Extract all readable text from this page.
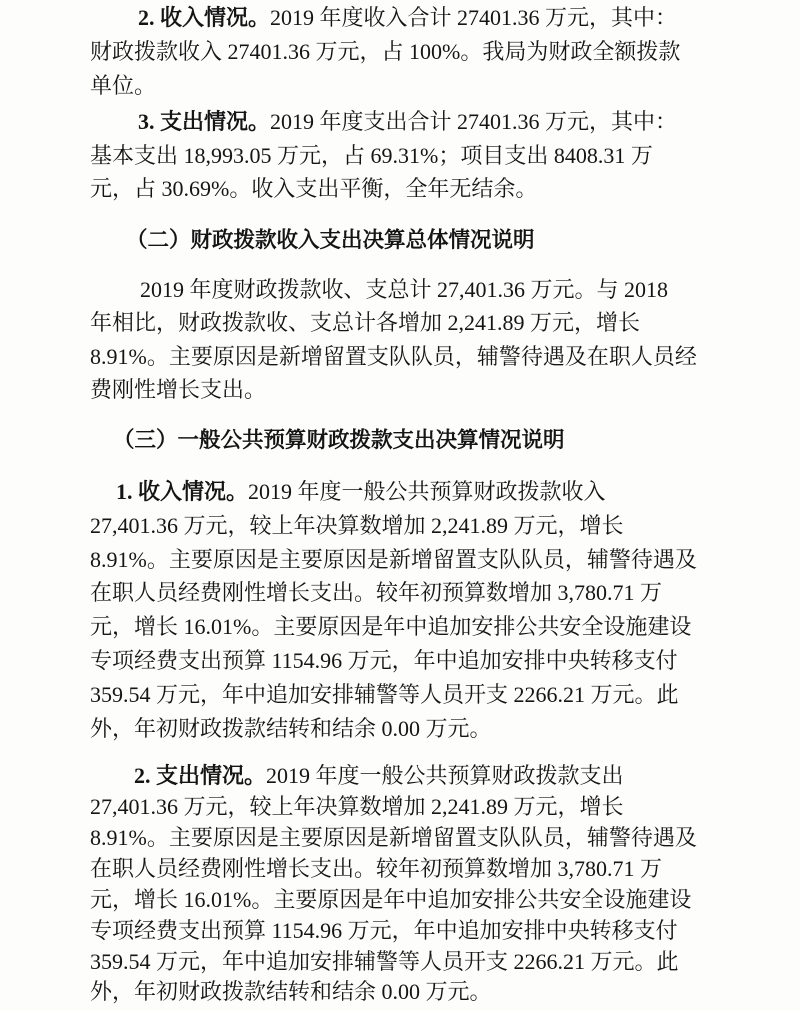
2. 收入情况。2019 年度收入合计 27401.36 万元，其中：
财政拨款收入 27401.36 万元，占 100%。我局为财政全额拨款
单位。
3. 支出情况。2019 年度支出合计 27401.36 万元，其中：
基本支出 18,993.05 万元，占 69.31%；项目支出 8408.31 万
元，占 30.69%。收入支出平衡，全年无结余。
（二）财政拨款收入支出决算总体情况说明
2019 年度财政拨款收、支总计 27,401.36 万元。与 2018
年相比，财政拨款收、支总计各增加 2,241.89 万元，增长
8.91%。主要原因是新增留置支队队员，辅警待遇及在职人员经
费刚性增长支出。
（三）一般公共预算财政拨款支出决算情况说明
1. 收入情况。2019 年度一般公共预算财政拨款收入
27,401.36 万元，较上年决算数增加 2,241.89 万元，增长
8.91%。主要原因是主要原因是新增留置支队队员，辅警待遇及
在职人员经费刚性增长支出。较年初预算数增加 3,780.71 万
元，增长 16.01%。主要原因是年中追加安排公共安全设施建设
专项经费支出预算 1154.96 万元，年中追加安排中央转移支付
359.54 万元，年中追加安排辅警等人员开支 2266.21 万元。此
外，年初财政拨款结转和结余 0.00 万元。
2. 支出情况。2019 年度一般公共预算财政拨款支出
27,401.36 万元，较上年决算数增加 2,241.89 万元，增长
8.91%。主要原因是主要原因是新增留置支队队员，辅警待遇及
在职人员经费刚性增长支出。较年初预算数增加 3,780.71 万
元，增长 16.01%。主要原因是年中追加安排公共安全设施建设
专项经费支出预算 1154.96 万元，年中追加安排中央转移支付
359.54 万元，年中追加安排辅警等人员开支 2266.21 万元。此
外，年初财政拨款结转和结余 0.00 万元。
